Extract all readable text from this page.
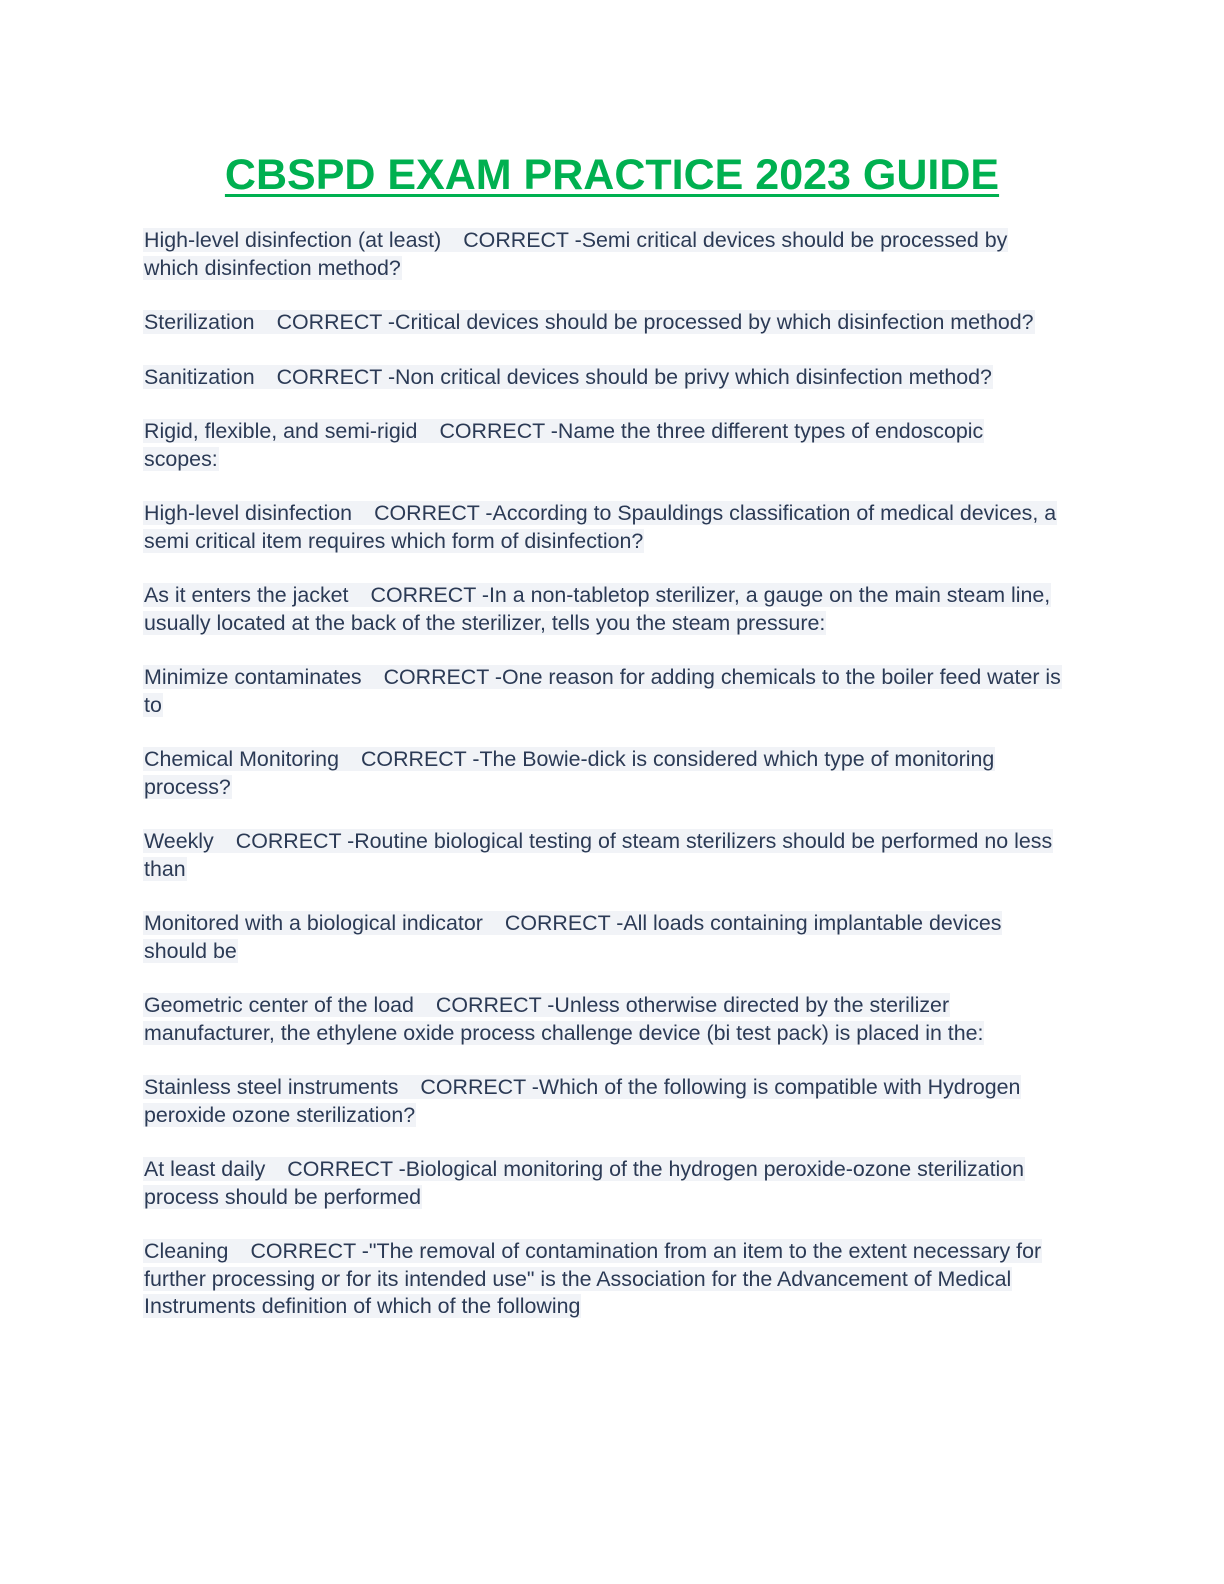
CBSPD EXAM PRACTICE 2023 GUIDE
High-level disinfection (at least) CORRECT -Semi critical devices should be processed by which disinfection method?
Sterilization CORRECT -Critical devices should be processed by which disinfection method?
Sanitization CORRECT -Non critical devices should be privy which disinfection method?
Rigid, flexible, and semi-rigid CORRECT -Name the three different types of endoscopic scopes:
High-level disinfection CORRECT -According to Spauldings classification of medical devices, a semi critical item requires which form of disinfection?
As it enters the jacket CORRECT -In a non-tabletop sterilizer, a gauge on the main steam line, usually located at the back of the sterilizer, tells you the steam pressure:
Minimize contaminates CORRECT -One reason for adding chemicals to the boiler feed water is to
Chemical Monitoring CORRECT -The Bowie-dick is considered which type of monitoring process?
Weekly CORRECT -Routine biological testing of steam sterilizers should be performed no less than
Monitored with a biological indicator CORRECT -All loads containing implantable devices should be
Geometric center of the load CORRECT -Unless otherwise directed by the sterilizer manufacturer, the ethylene oxide process challenge device (bi test pack) is placed in the:
Stainless steel instruments CORRECT -Which of the following is compatible with Hydrogen peroxide ozone sterilization?
At least daily CORRECT -Biological monitoring of the hydrogen peroxide-ozone sterilization process should be performed
Cleaning CORRECT -"The removal of contamination from an item to the extent necessary for further processing or for its intended use" is the Association for the Advancement of Medical Instruments definition of which of the following
